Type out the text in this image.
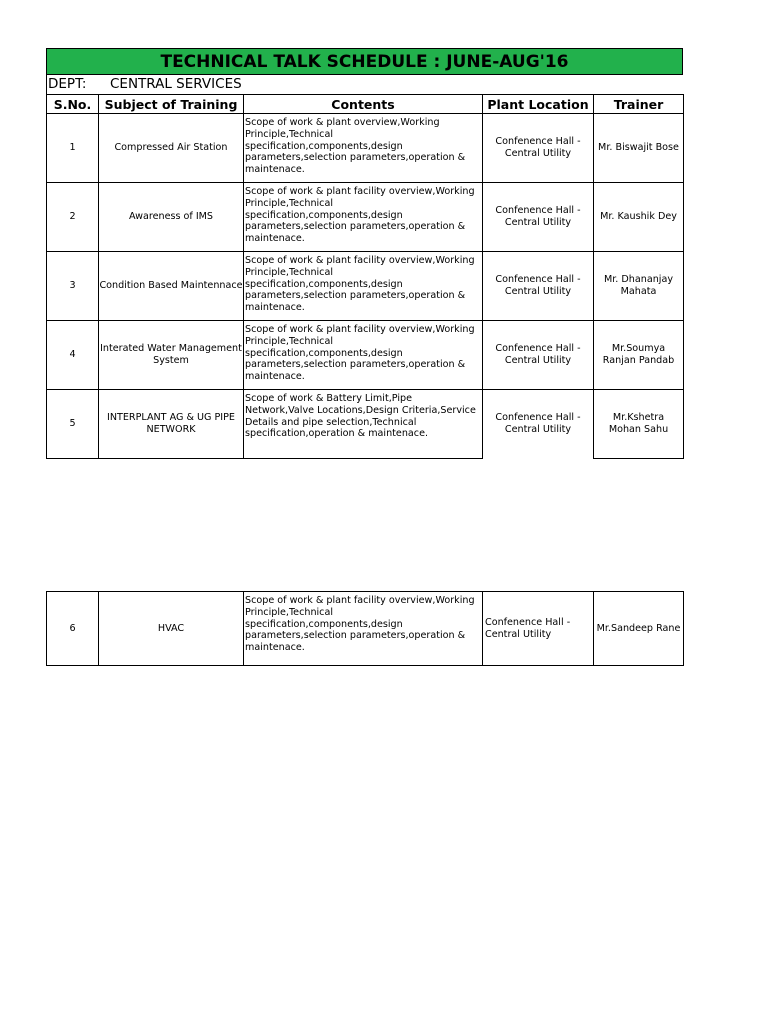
TECHNICAL TALK SCHEDULE : JUNE-AUG'16
DEPT: CENTRAL SERVICES
S.No.	Subject of Training	Contents	Plant Location	Trainer
1	Compressed Air Station	Scope of work & plant overview,Working Principle,Technical specification,components,design parameters,selection parameters,operation & maintenace.	Confenence Hall -Central Utility	Mr. Biswajit Bose
2	Awareness of IMS	Scope of work & plant facility overview,Working Principle,Technical specification,components,design parameters,selection parameters,operation & maintenace.	Confenence Hall -Central Utility	Mr. Kaushik Dey
3	Condition Based Maintennace	Scope of work & plant facility overview,Working Principle,Technical specification,components,design parameters,selection parameters,operation & maintenace.	Confenence Hall -Central Utility	Mr. Dhananjay Mahata
4	Interated Water Management System	Scope of work & plant facility overview,Working Principle,Technical specification,components,design parameters,selection parameters,operation & maintenace.	Confenence Hall -Central Utility	Mr.Soumya Ranjan Pandab
5	INTERPLANT AG & UG PIPE NETWORK	Scope of work & Battery Limit,Pipe Network,Valve Locations,Design Criteria,Service Details and pipe selection,Technical specification,operation & maintenace.	Confenence Hall -Central Utility	Mr.Kshetra Mohan Sahu
6	HVAC	Scope of work & plant facility overview,Working Principle,Technical specification,components,design parameters,selection parameters,operation & maintenace.	Confenence Hall -Central Utility	Mr.Sandeep Rane
